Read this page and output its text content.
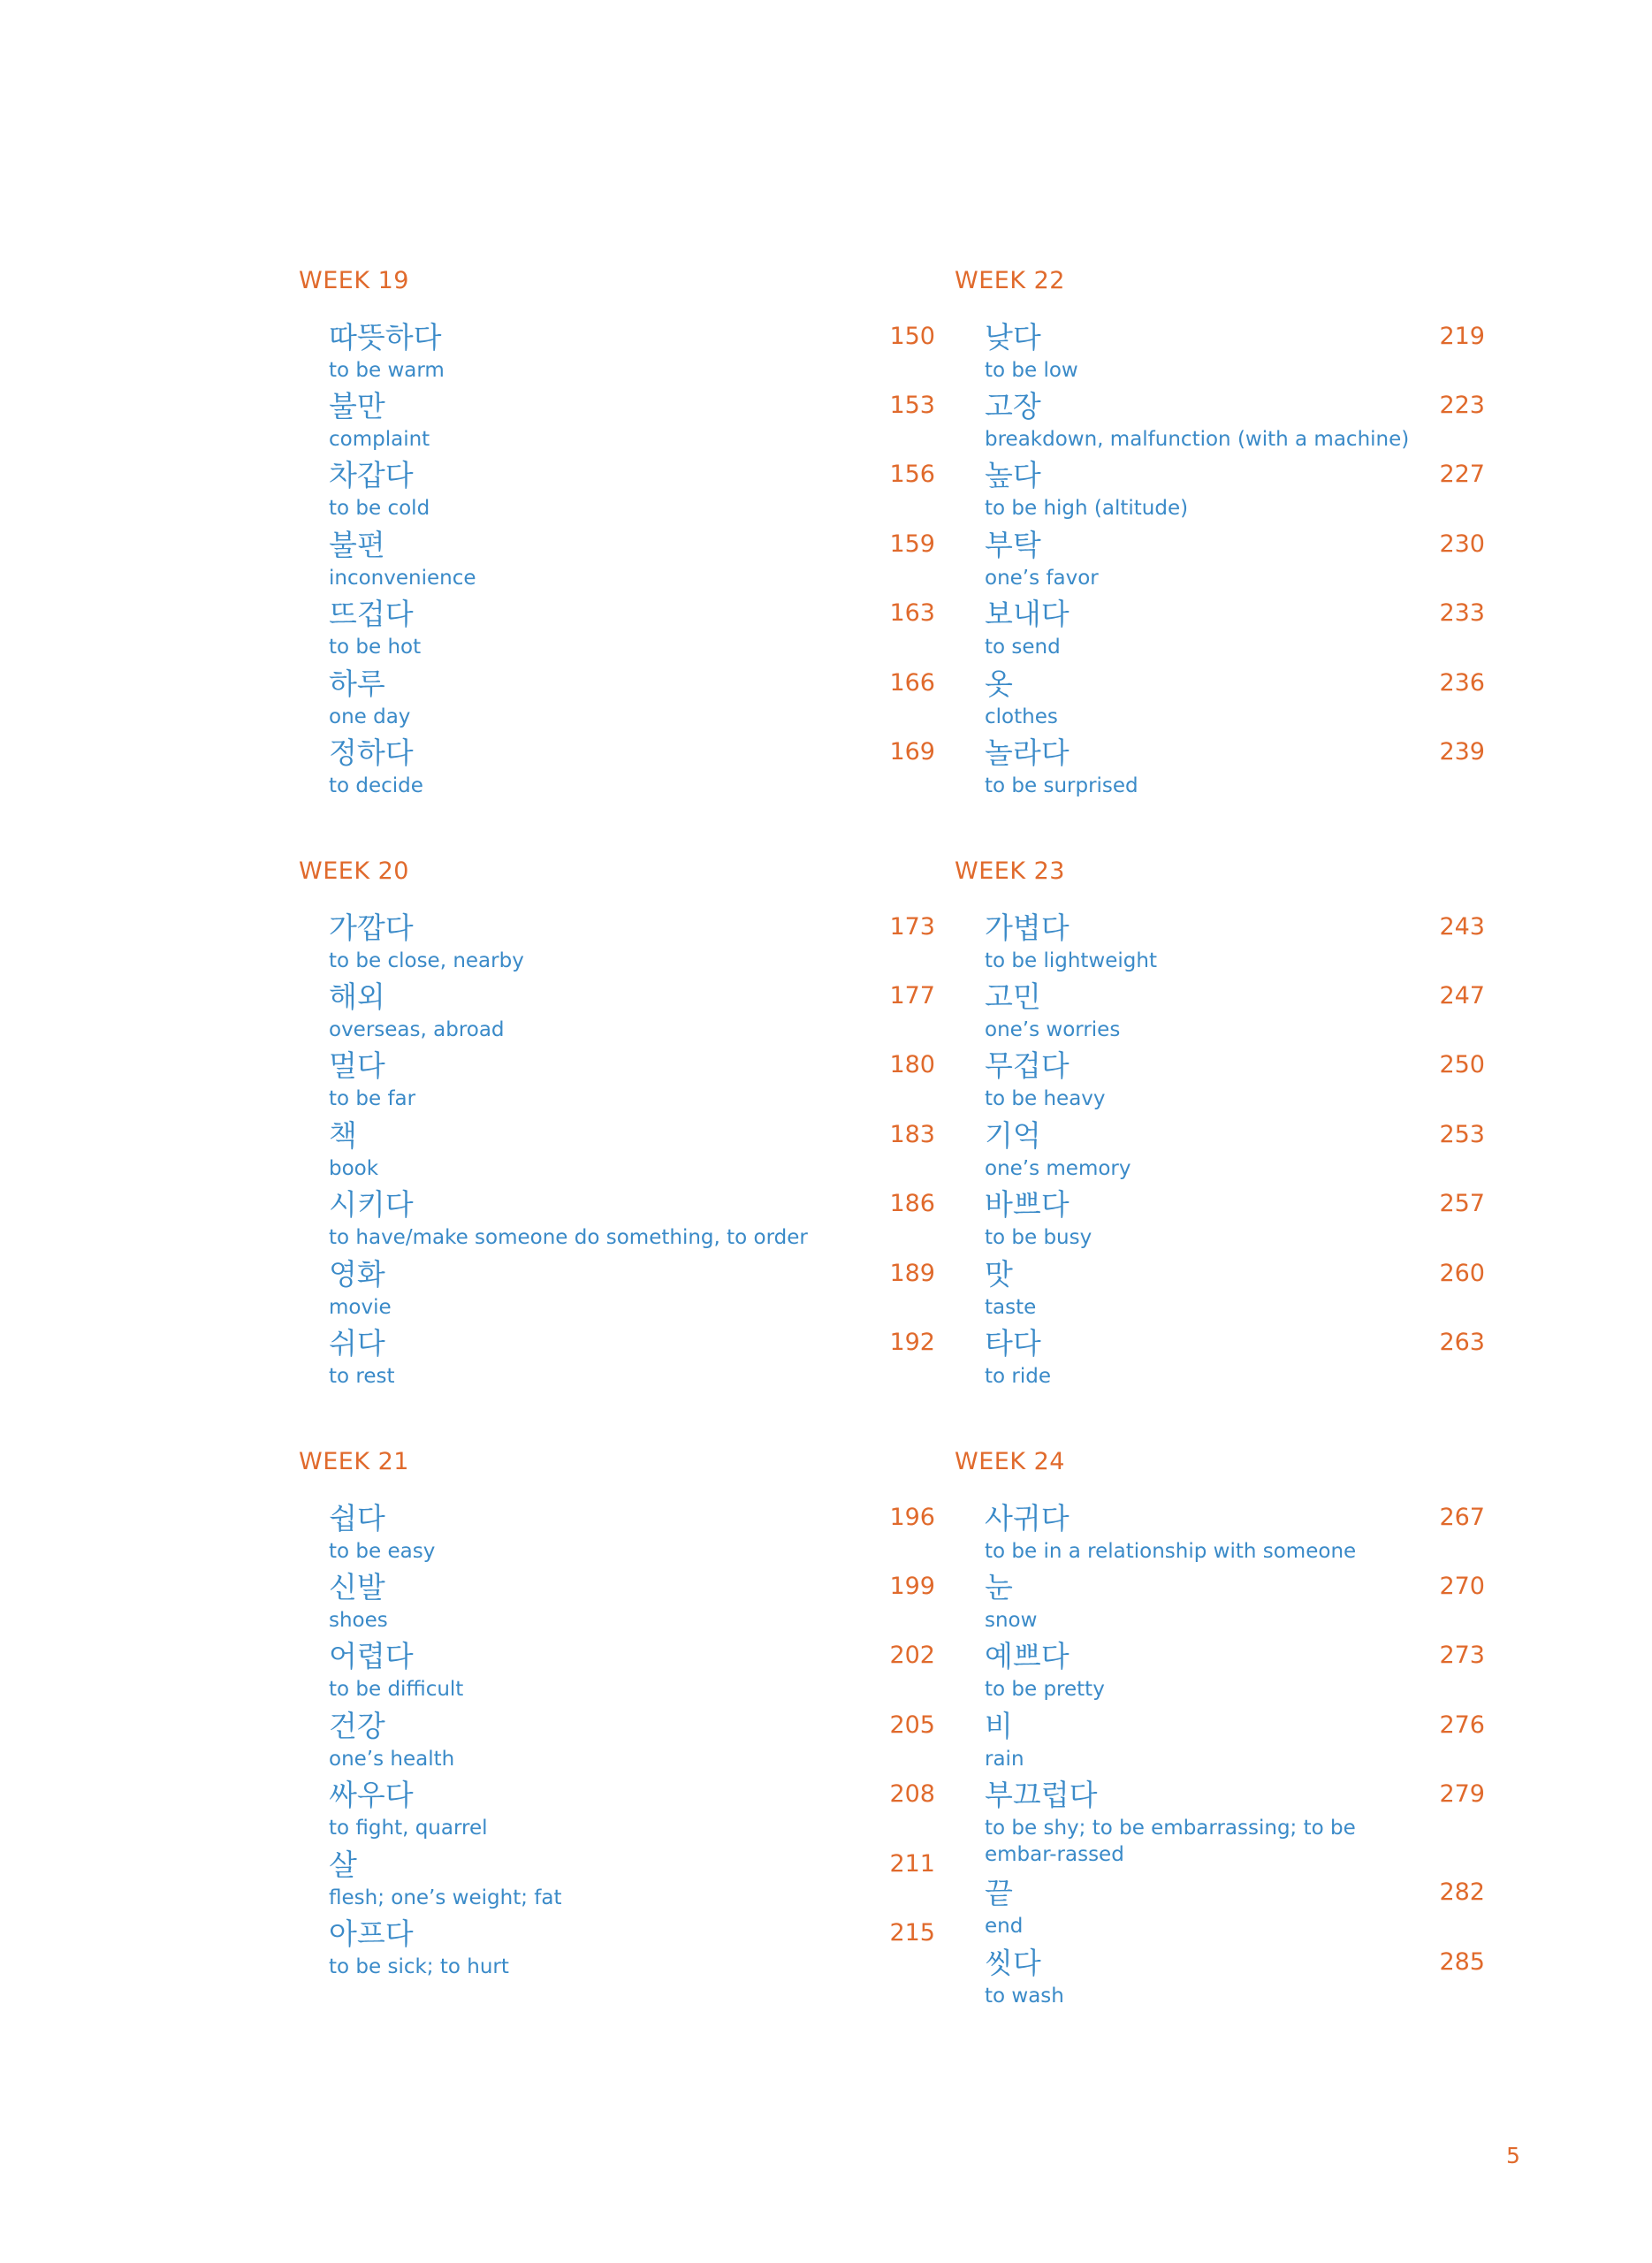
WEEK 19
따뜻하다
to be warm
150
불만
complaint
153
차갑다
to be cold
156
불편
inconvenience
159
뜨겁다
to be hot
163
하루
one day
166
정하다
to decide
169
WEEK 20
가깝다
to be close, nearby
173
해외
overseas, abroad
177
멀다
to be far
180
책
book
183
시키다
to have/make someone do something, to order
186
영화
movie
189
쉬다
to rest
192
WEEK 21
쉽다
to be easy
196
신발
shoes
199
어렵다
to be difficult
202
건강
one’s health
205
싸우다
to fight, quarrel
208
살
flesh; one’s weight; fat
211
아프다
to be sick; to hurt
215
WEEK 22
낮다
to be low
219
고장
breakdown, malfunction (with a machine)
223
높다
to be high (altitude)
227
부탁
one’s favor
230
보내다
to send
233
옷
clothes
236
놀라다
to be surprised
239
WEEK 23
가볍다
to be lightweight
243
고민
one’s worries
247
무겁다
to be heavy
250
기억
one’s memory
253
바쁘다
to be busy
257
맛
taste
260
타다
to ride
263
WEEK 24
사귀다
to be in a relationship with someone
267
눈
snow
270
예쁘다
to be pretty
273
비
rain
276
부끄럽다
to be shy; to be embarrassing; to be embar-rassed
279
끝
end
282
씻다
to wash
285
5
